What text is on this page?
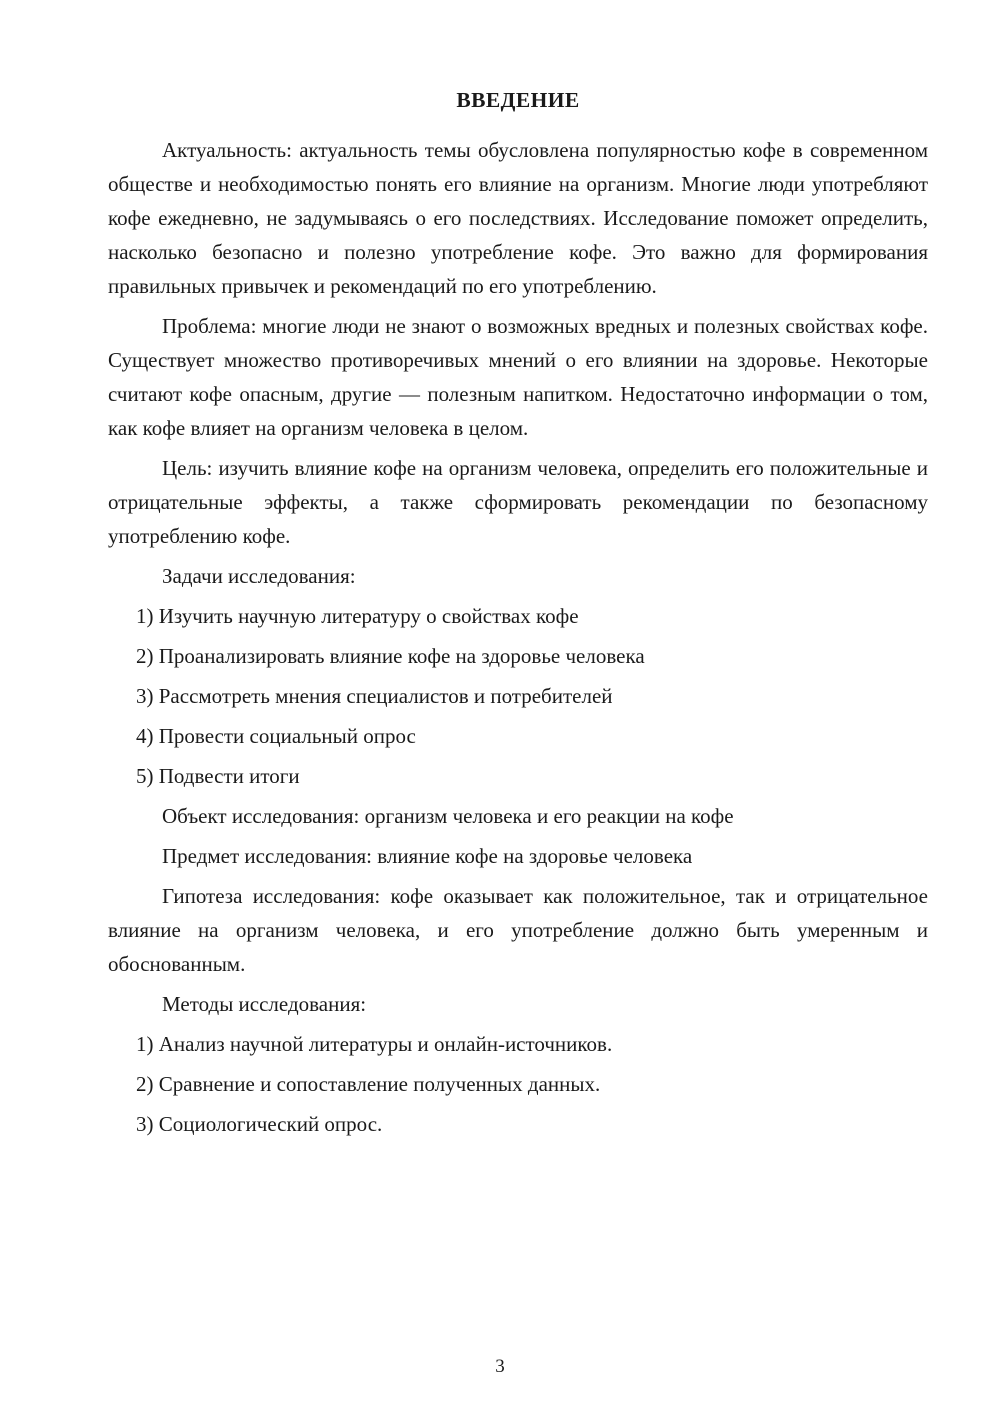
ВВЕДЕНИЕ

Актуальность: актуальность темы обусловлена популярностью кофе в современном обществе и необходимостью понять его влияние на организм. Многие люди употребляют кофе ежедневно, не задумываясь о его последствиях. Исследование поможет определить, насколько безопасно и полезно употребление кофе. Это важно для формирования правильных привычек и рекомендаций по его употреблению.

Проблема: многие люди не знают о возможных вредных и полезных свойствах кофе. Существует множество противоречивых мнений о его влиянии на здоровье. Некоторые считают кофе опасным, другие — полезным напитком. Недостаточно информации о том, как кофе влияет на организм человека в целом.

Цель: изучить влияние кофе на организм человека, определить его положительные и отрицательные эффекты, а также сформировать рекомендации по безопасному употреблению кофе.

Задачи исследования:

1) Изучить научную литературу о свойствах кофе

2) Проанализировать влияние кофе на здоровье человека

3) Рассмотреть мнения специалистов и потребителей

4) Провести социальный опрос

5) Подвести итоги

Объект исследования: организм человека и его реакции на кофе

Предмет исследования: влияние кофе на здоровье человека

Гипотеза исследования: кофе оказывает как положительное, так и отрицательное влияние на организм человека, и его употребление должно быть умеренным и обоснованным.

Методы исследования:

1) Анализ научной литературы и онлайн-источников.

2) Сравнение и сопоставление полученных данных.

3) Социологический опрос.

3
